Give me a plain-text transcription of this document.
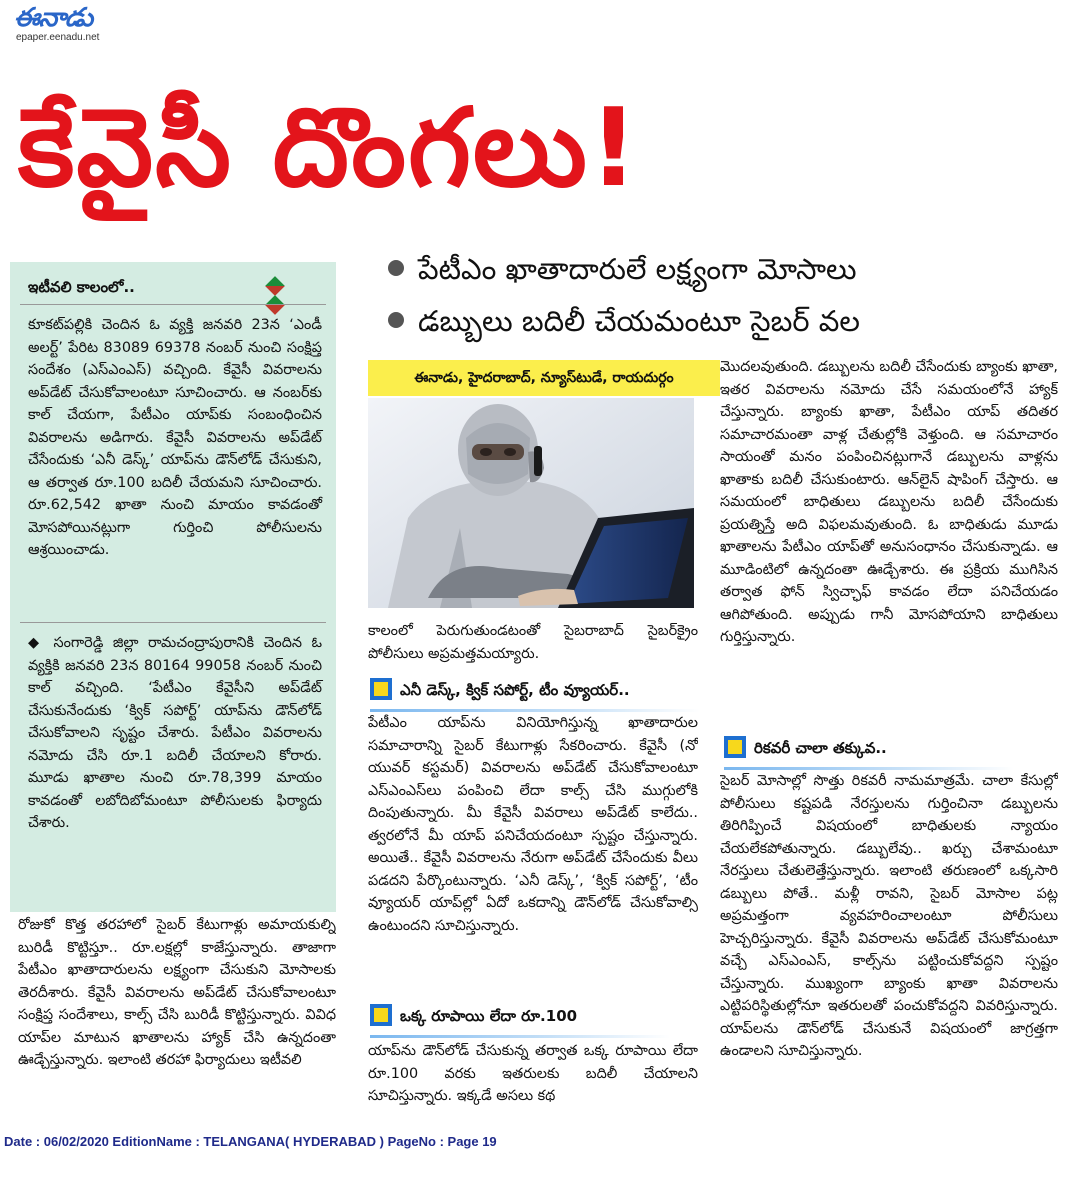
ఈనాడు
epaper.eenadu.net
కేవైసీ దొంగలు!
పేటీఎం ఖాతాదారులే లక్ష్యంగా మోసాలు
డబ్బులు బదిలీ చేయమంటూ సైబర్ వల
ఇటీవలి కాలంలో..

కూకట్‌పల్లికి చెందిన ఓ వ్యక్తి జనవరి 23న ‘ఎండీ అలర్ట్’ పేరిట 83089 69378 నంబర్ నుంచి సంక్షిప్త సందేశం (ఎస్‌ఎంఎస్) వచ్చింది. కేవైసీ వివరాలను అప్‌డేట్ చేసుకోవాలంటూ సూచించారు. ఆ నంబర్‌కు కాల్ చేయగా, పేటీఎం యాప్‌కు సంబంధించిన వివరాలను అడిగారు. కేవైసీ వివరాలను అప్‌డేట్ చేసేందుకు ‘ఎనీ డెస్క్’ యాప్‌ను డౌన్‌లోడ్ చేసుకుని, ఆ తర్వాత రూ.100 బదిలీ చేయమని సూచించారు. రూ.62,542 ఖాతా నుంచి మాయం కావడంతో మోసపోయినట్లుగా గుర్తించి పోలీసులను ఆశ్రయించాడు.

◆ సంగారెడ్డి జిల్లా రామచంద్రాపురానికి చెందిన ఓ వ్యక్తికి జనవరి 23న 80164 99058 నంబర్ నుంచి కాల్ వచ్చింది. ‘పేటీఎం కేవైసీని అప్‌డేట్ చేసుకునేందుకు ‘క్విక్ సపోర్ట్’ యాప్‌ను డౌన్‌లోడ్ చేసుకోవాలని సృష్టం చేశారు. పేటీఎం వివరాలను నమోదు చేసి రూ.1 బదిలీ చేయాలని కోరారు. మూడు ఖాతాల నుంచి రూ.78,399 మాయం కావడంతో లబోదిబోమంటూ పోలీసులకు ఫిర్యాదు చేశారు.

రోజుకో కొత్త తరహాలో సైబర్ కేటుగాళ్లు అమాయకుల్ని బురిడీ కొట్టిస్తూ.. రూ.లక్షల్లో కాజేస్తున్నారు. తాజాగా పేటీఎం ఖాతాదారులను లక్ష్యంగా చేసుకుని మోసాలకు తెరదీశారు. కేవైసీ వివరాలను అప్‌డేట్ చేసుకోవాలంటూ సంక్షిప్త సందేశాలు, కాల్స్ చేసి బురిడీ కొట్టిస్తున్నారు. వివిధ యాప్‌ల మాటున ఖాతాలను హ్యాక్ చేసి ఉన్నదంతా ఊడ్చేస్తున్నారు. ఇలాంటి తరహా ఫిర్యాదులు ఇటీవలి

ఈనాడు, హైదరాబాద్, న్యూస్‌టుడే, రాయదుర్గం

కాలంలో పెరుగుతుండటంతో సైబరాబాద్ సైబర్‌క్రైం పోలీసులు అప్రమత్తమయ్యారు.

ఎనీ డెస్క్, క్విక్ సపోర్ట్, టీం వ్యూయర్..

పేటీఎం యాప్‌ను వినియోగిస్తున్న ఖాతాదారుల సమాచారాన్ని సైబర్ కేటుగాళ్లు సేకరించారు. కేవైసీ (నో యువర్ కస్టమర్) వివరాలను అప్‌డేట్ చేసుకోవాలంటూ ఎస్‌ఎంఎస్‌లు పంపించి లేదా కాల్స్ చేసి ముగ్గులోకి దింపుతున్నారు. మీ కేవైసీ వివరాలు అప్‌డేట్ కాలేదు.. త్వరలోనే మీ యాప్ పనిచేయదంటూ స్పష్టం చేస్తున్నారు. అయితే.. కేవైసీ వివరాలను నేరుగా అప్‌డేట్ చేసేందుకు వీలు పడదని పేర్కొంటున్నారు. ‘ఎనీ డెస్క్’, ‘క్విక్ సపోర్ట్’, ‘టీం వ్యూయర్ యాప్‌ల్లో ఏదో ఒకదాన్ని డౌన్‌లోడ్ చేసుకోవాల్సి ఉంటుందని సూచిస్తున్నారు.

ఒక్క రూపాయి లేదా రూ.100

యాప్‌ను డౌన్‌లోడ్ చేసుకున్న తర్వాత ఒక్క రూపాయి లేదా రూ.100 వరకు ఇతరులకు బదిలీ చేయాలని సూచిస్తున్నారు. ఇక్కడే అసలు కథ

మొదలవుతుంది. డబ్బులను బదిలీ చేసేందుకు బ్యాంకు ఖాతా, ఇతర వివరాలను నమోదు చేసే సమయంలోనే హ్యాక్ చేస్తున్నారు. బ్యాంకు ఖాతా, పేటీఎం యాప్ తదితర సమాచారమంతా వాళ్ల చేతుల్లోకి వెళ్తుంది. ఆ సమాచారం సాయంతో మనం పంపించినట్లుగానే డబ్బులను వాళ్లను ఖాతాకు బదిలీ చేసుకుంటారు. ఆన్‌లైన్ షాపింగ్ చేస్తారు. ఆ సమయంలో బాధితులు డబ్బులను బదిలీ చేసేందుకు ప్రయత్నిస్తే అది విఫలమవుతుంది. ఓ బాధితుడు మూడు ఖాతాలను పేటీఎం యాప్‌తో అనుసంధానం చేసుకున్నాడు. ఆ మూడింటిలో ఉన్నదంతా ఊడ్చేశారు. ఈ ప్రక్రియ ముగిసిన తర్వాత ఫోన్ స్విచ్ఛాఫ్ కావడం లేదా పనిచేయడం ఆగిపోతుంది. అప్పుడు గానీ మోసపోయాని బాధితులు గుర్తిస్తున్నారు.

రికవరీ చాలా తక్కువ..

సైబర్ మోసాల్లో సొత్తు రికవరీ నామమాత్రమే. చాలా కేసుల్లో పోలీసులు కష్టపడి నేరస్తులను గుర్తించినా డబ్బులను తిరిగిప్పించే విషయంలో బాధితులకు న్యాయం చేయలేకపోతున్నారు. డబ్బులేవు.. ఖర్చు చేశామంటూ నేరస్తులు చేతులెత్తేస్తున్నారు. ఇలాంటి తరుణంలో ఒక్కసారి డబ్బులు పోతే.. మళ్లీ రావని, సైబర్ మోసాల పట్ల అప్రమత్తంగా వ్యవహరించాలంటూ పోలీసులు హెచ్చరిస్తున్నారు. కేవైసీ వివరాలను అప్‌డేట్ చేసుకోమంటూ వచ్చే ఎస్‌ఎంఎస్, కాల్స్‌ను పట్టించుకోవద్దని స్పష్టం చేస్తున్నారు. ముఖ్యంగా బ్యాంకు ఖాతా వివరాలను ఎట్టిపరిస్థితుల్లోనూ ఇతరులతో పంచుకోవద్దని వివరిస్తున్నారు. యాప్‌లను డౌన్‌లోడ్ చేసుకునే విషయంలో జాగ్రత్తగా ఉండాలని సూచిస్తున్నారు.

Date : 06/02/2020 EditionName : TELANGANA( HYDERABAD ) PageNo : Page 19
